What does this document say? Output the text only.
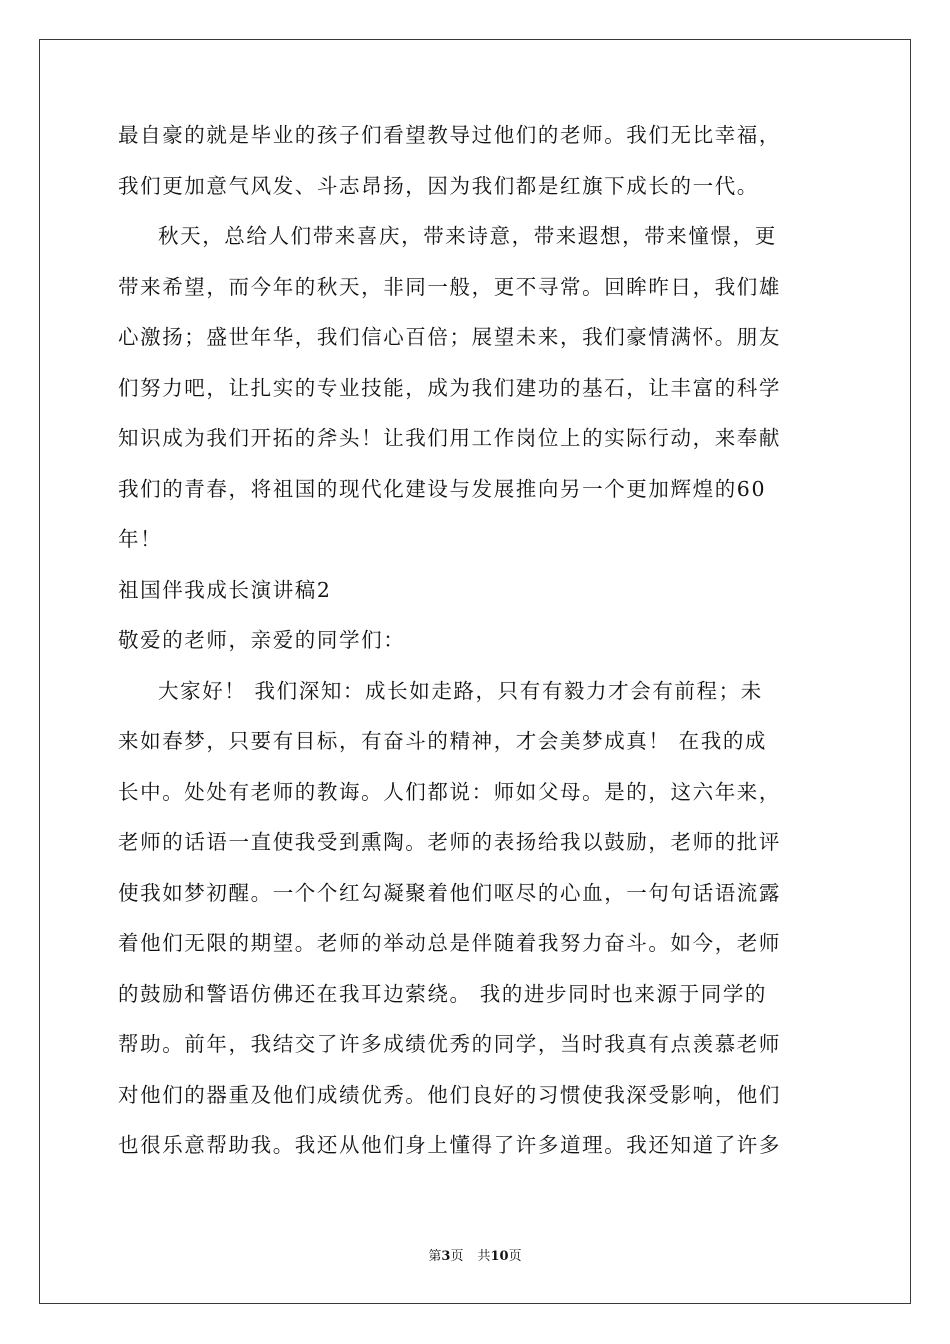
最自豪的就是毕业的孩子们看望教导过他们的老师。我们无比幸福，
我们更加意气风发、斗志昂扬，因为我们都是红旗下成长的一代。
秋天，总给人们带来喜庆，带来诗意，带来遐想，带来憧憬，更
带来希望，而今年的秋天，非同一般，更不寻常。回眸昨日，我们雄
心激扬；盛世年华，我们信心百倍；展望未来，我们豪情满怀。朋友
们努力吧，让扎实的专业技能，成为我们建功的基石，让丰富的科学
知识成为我们开拓的斧头！让我们用工作岗位上的实际行动，来奉献
我们的青春，将祖国的现代化建设与发展推向另一个更加辉煌的60
年！
祖国伴我成长演讲稿2
敬爱的老师，亲爱的同学们：
大家好！ 我们深知：成长如走路，只有有毅力才会有前程；未
来如春梦，只要有目标，有奋斗的精神，才会美梦成真！ 在我的成
长中。处处有老师的教诲。人们都说：师如父母。是的，这六年来，
老师的话语一直使我受到熏陶。老师的表扬给我以鼓励，老师的批评
使我如梦初醒。一个个红勾凝聚着他们呕尽的心血，一句句话语流露
着他们无限的期望。老师的举动总是伴随着我努力奋斗。如今，老师
的鼓励和警语仿佛还在我耳边萦绕。 我的进步同时也来源于同学的
帮助。前年，我结交了许多成绩优秀的同学，当时我真有点羡慕老师
对他们的器重及他们成绩优秀。他们良好的习惯使我深受影响，他们
也很乐意帮助我。我还从他们身上懂得了许多道理。我还知道了许多
第3页 共10页
